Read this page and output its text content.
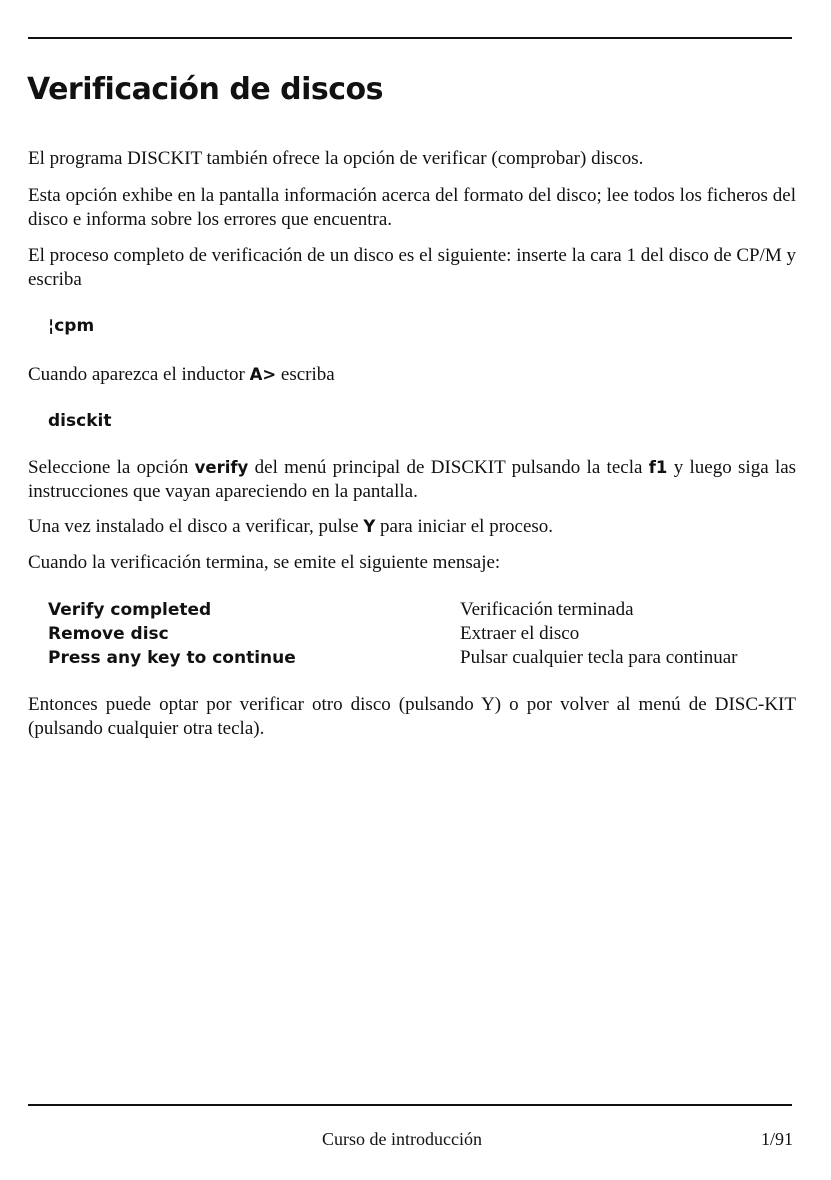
Verificación de discos

El programa DISCKIT también ofrece la opción de verificar (comprobar) discos.

Esta opción exhibe en la pantalla información acerca del formato del disco; lee todos los ficheros del disco e informa sobre los errores que encuentra.

El proceso completo de verificación de un disco es el siguiente: inserte la cara 1 del disco de CP/M y escriba

¦cpm

Cuando aparezca el inductor A> escriba

disckit

Seleccione la opción verify del menú principal de DISCKIT pulsando la tecla f1 y luego siga las instrucciones que vayan apareciendo en la pantalla.

Una vez instalado el disco a verificar, pulse Y para iniciar el proceso.

Cuando la verificación termina, se emite el siguiente mensaje:

Verify completed	Verificación terminada
Remove disc	Extraer el disco
Press any key to continue	Pulsar cualquier tecla para continuar

Entonces puede optar por verificar otro disco (pulsando Y) o por volver al menú de DISC-KIT (pulsando cualquier otra tecla).

Curso de introducción	1/91
